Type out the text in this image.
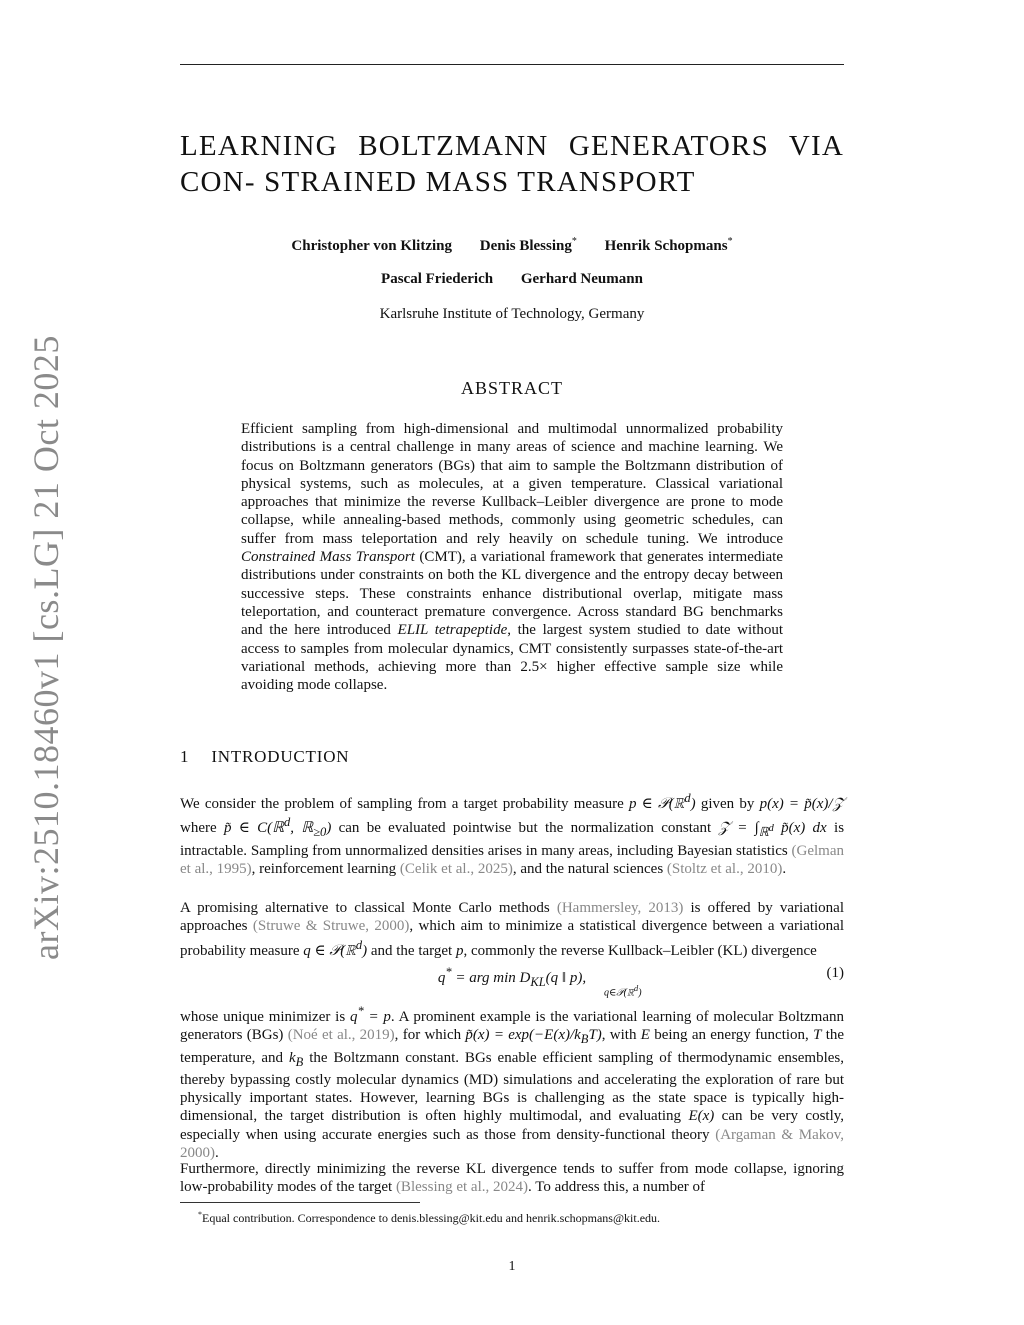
arXiv:2510.18460v1 [cs.LG] 21 Oct 2025
LEARNING BOLTZMANN GENERATORS VIA CON- STRAINED MASS TRANSPORT
Christopher von Klitzing Denis Blessing* Henrik Schopmans*
Pascal Friederich Gerhard Neumann
Karlsruhe Institute of Technology, Germany
ABSTRACT
Efficient sampling from high-dimensional and multimodal unnormalized probability distributions is a central challenge in many areas of science and machine learning. We focus on Boltzmann generators (BGs) that aim to sample the Boltzmann distribution of physical systems, such as molecules, at a given temperature. Classical variational approaches that minimize the reverse Kullback–Leibler divergence are prone to mode collapse, while annealing-based methods, commonly using geometric schedules, can suffer from mass teleportation and rely heavily on schedule tuning. We introduce Constrained Mass Transport (CMT), a variational framework that generates intermediate distributions under constraints on both the KL divergence and the entropy decay between successive steps. These constraints enhance distributional overlap, mitigate mass teleportation, and counteract premature convergence. Across standard BG benchmarks and the here introduced ELIL tetrapeptide, the largest system studied to date without access to samples from molecular dynamics, CMT consistently surpasses state-of-the-art variational methods, achieving more than 2.5× higher effective sample size while avoiding mode collapse.
1 INTRODUCTION

We consider the problem of sampling from a target probability measure p ∈ 𝒫(ℝ$^d$) given by p(x) = p̃(x)/𝒵 where p̃ ∈ C(ℝ$^d$, ℝ$_{\ge 0}$) can be evaluated pointwise but the normalization constant 𝒵 = $\int_{ℝ^d}$ p̃(x) dx is intractable. Sampling from unnormalized densities arises in many areas, including Bayesian statistics (Gelman et al., 1995), reinforcement learning (Celik et al., 2025), and the natural sciences (Stoltz et al., 2010).

A promising alternative to classical Monte Carlo methods (Hammersley, 2013) is offered by variational approaches (Struwe & Struwe, 2000), which aim to minimize a statistical divergence between a variational probability measure q ∈ 𝒫(ℝ$^d$) and the target p, commonly the reverse Kullback–Leibler (KL) divergence

q* = arg $\min D_{KL}(q$ ‖ p),
q∈𝒫(ℝ$^d$)
(1)

whose unique minimizer is q* = p. A prominent example is the variational learning of molecular Boltzmann generators (BGs) (Noé et al., 2019), for which p̃(x) = $\exp(-E(x)/k_BT)$, with E being an energy function, T the temperature, and $k_B$ the Boltzmann constant. BGs enable efficient sampling of thermodynamic ensembles, thereby bypassing costly molecular dynamics (MD) simulations and accelerating the exploration of rare but physically important states. However, learning BGs is challenging as the state space is typically high-dimensional, the target distribution is often highly multimodal, and evaluating E(x) can be very costly, especially when using accurate energies such as those from density-functional theory (Argaman & Makov, 2000).

Furthermore, directly minimizing the reverse KL divergence tends to suffer from mode collapse, ignoring low-probability modes of the target (Blessing et al., 2024). To address this, a number of

*Equal contribution. Correspondence to denis.blessing@kit.edu and henrik.schopmans@kit.edu.
1
